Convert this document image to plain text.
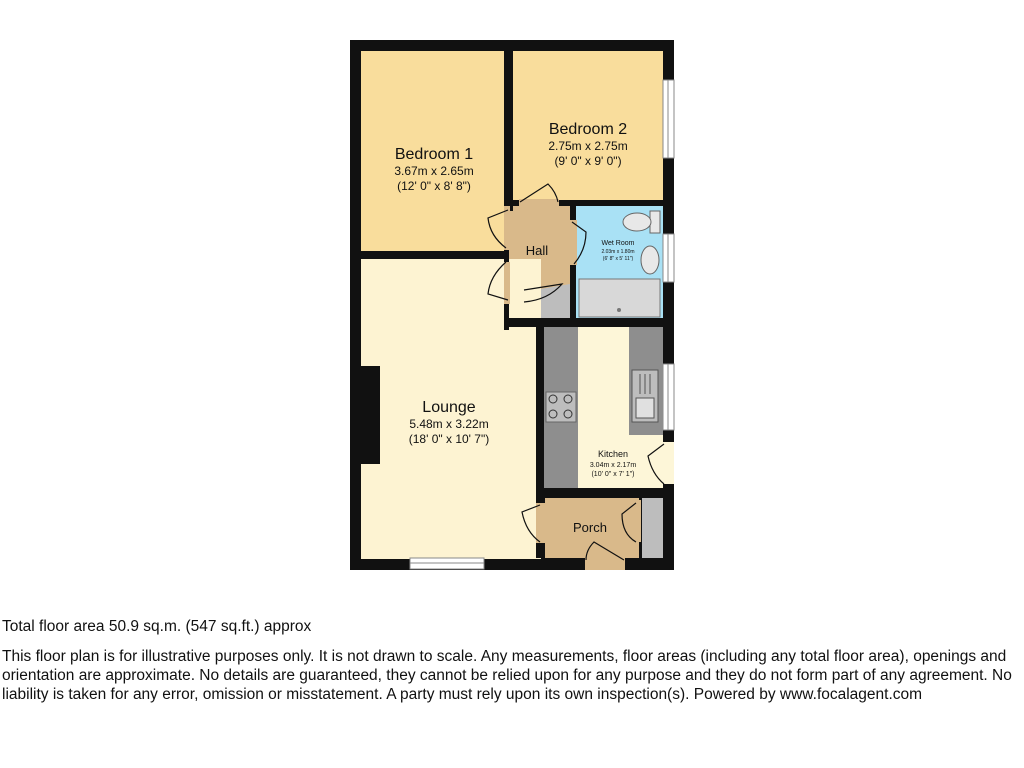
Bedroom 1
3.67m x 2.65m
(12' 0" x 8' 8")
Bedroom 2
2.75m x 2.75m
(9' 0" x 9' 0")
Hall	Wet Room
2.03m x 1.80m
(6' 8" x 5' 11")
Lounge
5.48m x 3.22m
(18' 0" x 10' 7")
Kitchen
3.04m x 2.17m
(10' 0" x 7' 1")
Porch
Total floor area 50.9 sq.m. (547 sq.ft.) approx
This floor plan is for illustrative purposes only. It is not drawn to scale. Any measurements, floor areas (including any total floor area), openings and orientation are approximate. No details are guaranteed, they cannot be relied upon for any purpose and they do not form part of any agreement. No liability is taken for any error, omission or misstatement. A party must rely upon its own inspection(s). Powered by www.focalagent.com
